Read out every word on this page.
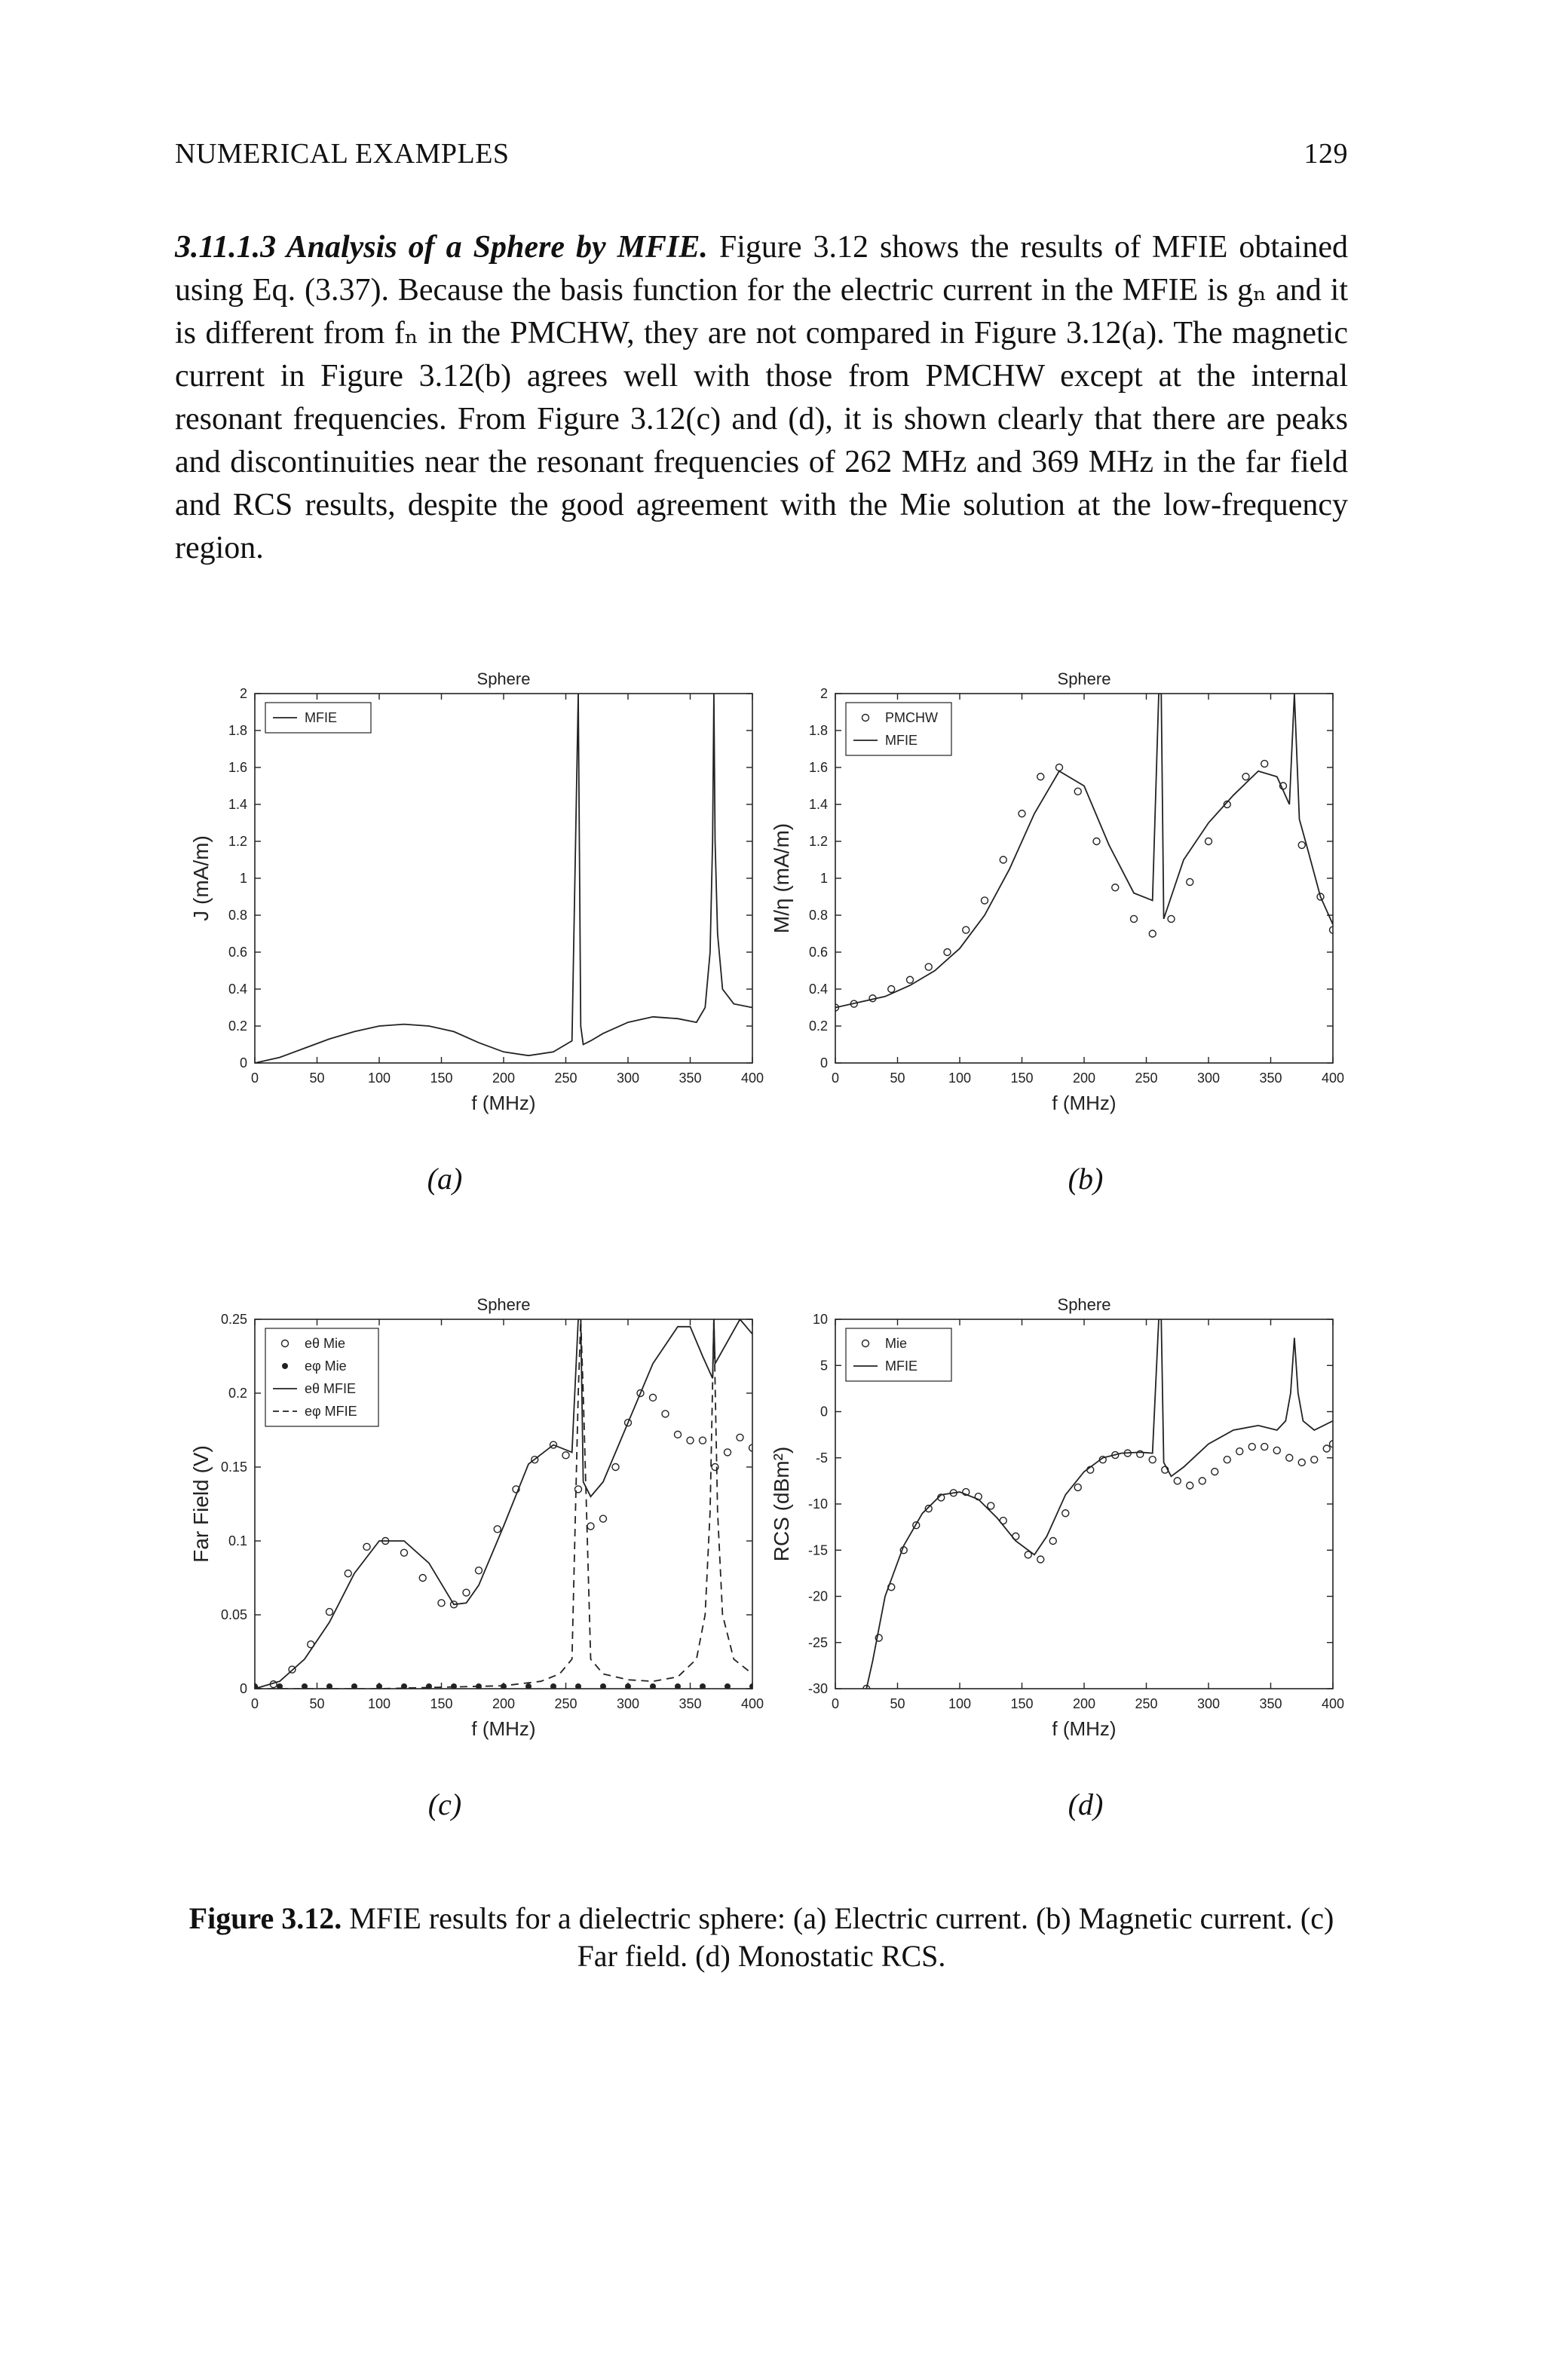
NUMERICAL EXAMPLES	129
3.11.1.3 Analysis of a Sphere by MFIE. Figure 3.12 shows the results of MFIE obtained using Eq. (3.37). Because the basis function for the electric current in the MFIE is gₙ and it is different from fₙ in the PMCHW, they are not compared in Figure 3.12(a). The magnetic current in Figure 3.12(b) agrees well with those from PMCHW except at the internal resonant frequencies. From Figure 3.12(c) and (d), it is shown clearly that there are peaks and discontinuities near the resonant frequencies of 262 MHz and 369 MHz in the far field and RCS results, despite the good agreement with the Mie solution at the low-frequency region.
Sphere
0	50	100	150	200	250	300	350	400
0
0.2
0.4
0.6
0.8
1
1.2
1.4
1.6
1.8
2
f (MHz)
J (mA/m)
MFIE
(a)
Sphere
0	50	100	150	200	250	300	350	400
0
0.2
0.4
0.6
0.8
1
1.2
1.4
1.6
1.8
2
f (MHz)
M/η (mA/m)
PMCHW
MFIE
(b)
Sphere
0	50	100	150	200	250	300	350	400
0
0.05
0.1
0.15
0.2
0.25
f (MHz)
Far Field (V)
eθ Mie
eφ Mie
eθ MFIE
eφ MFIE
(c)
Sphere
0	50	100	150	200	250	300	350	400
-30
-25
-20
-15
-10
-5
0
5
10
f (MHz)
RCS (dBm²)
Mie
MFIE
(d)
Figure 3.12. MFIE results for a dielectric sphere: (a) Electric current. (b) Magnetic current. (c) Far field. (d) Monostatic RCS.
